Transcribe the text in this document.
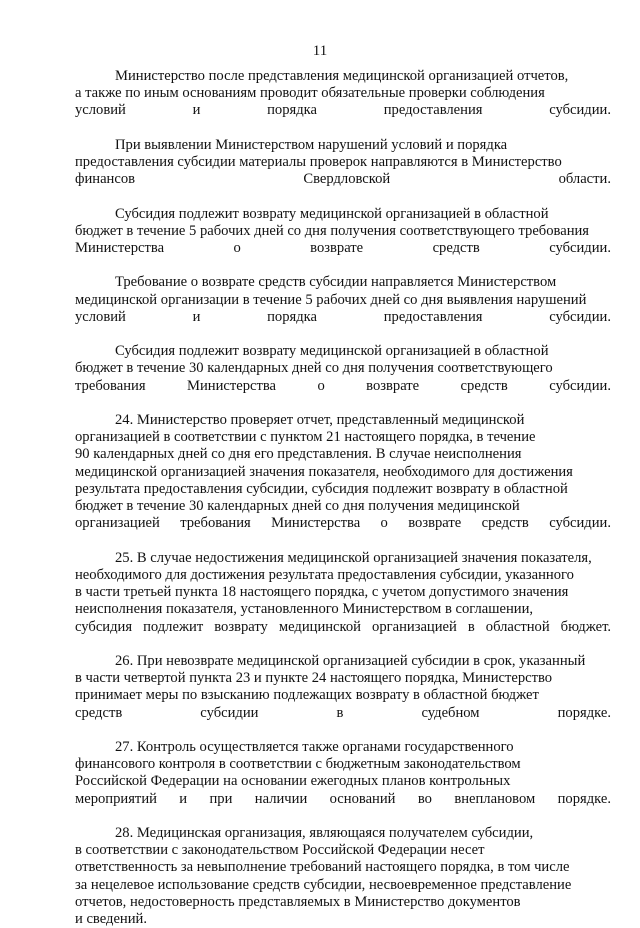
11

Министерство после представления медицинской организацией отчетов,
а также по иным основаниям проводит обязательные проверки соблюдения
условий и порядка предоставления субсидии.

При выявлении Министерством нарушений условий и порядка
предоставления субсидии материалы проверок направляются в Министерство
финансов Свердловской области.

Субсидия подлежит возврату медицинской организацией в областной
бюджет в течение 5 рабочих дней со дня получения соответствующего требования
Министерства о возврате средств субсидии.

Требование о возврате средств субсидии направляется Министерством
медицинской организации в течение 5 рабочих дней со дня выявления нарушений
условий и порядка предоставления субсидии.

Субсидия подлежит возврату медицинской организацией в областной
бюджет в течение 30 календарных дней со дня получения соответствующего
требования Министерства о возврате средств субсидии.

24. Министерство проверяет отчет, представленный медицинской
организацией в соответствии с пунктом 21 настоящего порядка, в течение
90 календарных дней со дня его представления. В случае неисполнения
медицинской организацией значения показателя, необходимого для достижения
результата предоставления субсидии, субсидия подлежит возврату в областной
бюджет в течение 30 календарных дней со дня получения медицинской
организацией требования Министерства о возврате средств субсидии.

25. В случае недостижения медицинской организацией значения показателя,
необходимого для достижения результата предоставления субсидии, указанного
в части третьей пункта 18 настоящего порядка, с учетом допустимого значения
неисполнения показателя, установленного Министерством в соглашении,
субсидия подлежит возврату медицинской организацией в областной бюджет.

26. При невозврате медицинской организацией субсидии в срок, указанный
в части четвертой пункта 23 и пункте 24 настоящего порядка, Министерство
принимает меры по взысканию подлежащих возврату в областной бюджет
средств субсидии в судебном порядке.

27. Контроль осуществляется также органами государственного
финансового контроля в соответствии с бюджетным законодательством
Российской Федерации на основании ежегодных планов контрольных
мероприятий и при наличии оснований во внеплановом порядке.

28. Медицинская организация, являющаяся получателем субсидии,
в соответствии с законодательством Российской Федерации несет
ответственность за невыполнение требований настоящего порядка, в том числе
за нецелевое использование средств субсидии, несвоевременное представление
отчетов, недостоверность представляемых в Министерство документов
и сведений.
